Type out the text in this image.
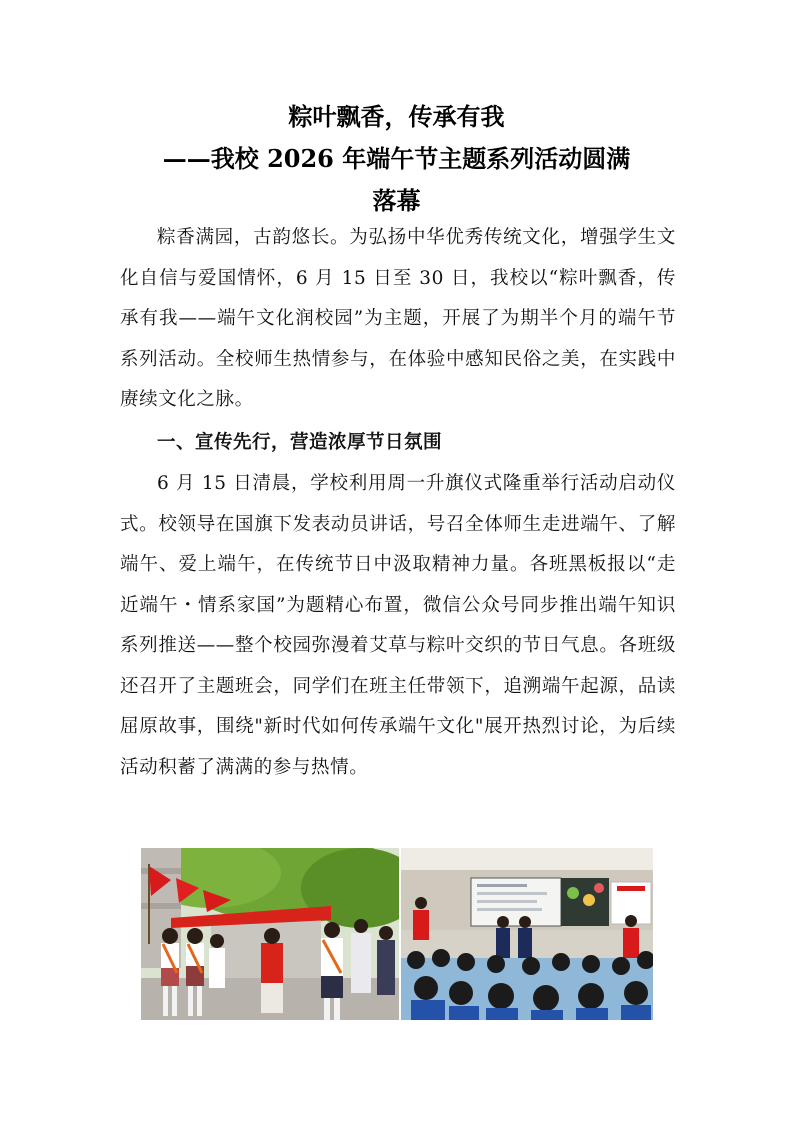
粽叶飘香，传承有我
——我校 2026 年端午节主题系列活动圆满
落幕

粽香满园，古韵悠长。为弘扬中华优秀传统文化，增强学生文化自信与爱国情怀，6 月 15 日至 30 日，我校以“粽叶飘香，传承有我——端午文化润校园”为主题，开展了为期半个月的端午节系列活动。全校师生热情参与，在体验中感知民俗之美，在实践中赓续文化之脉。

一、宣传先行，营造浓厚节日氛围

6 月 15 日清晨，学校利用周一升旗仪式隆重举行活动启动仪式。校领导在国旗下发表动员讲话，号召全体师生走进端午、了解端午、爱上端午，在传统节日中汲取精神力量。各班黑板报以“走近端午・情系家国”为题精心布置，微信公众号同步推出端午知识系列推送——整个校园弥漫着艾草与粽叶交织的节日气息。各班级还召开了主题班会，同学们在班主任带领下，追溯端午起源，品读屈原故事，围绕"新时代如何传承端午文化"展开热烈讨论，为后续活动积蓄了满满的参与热情。
